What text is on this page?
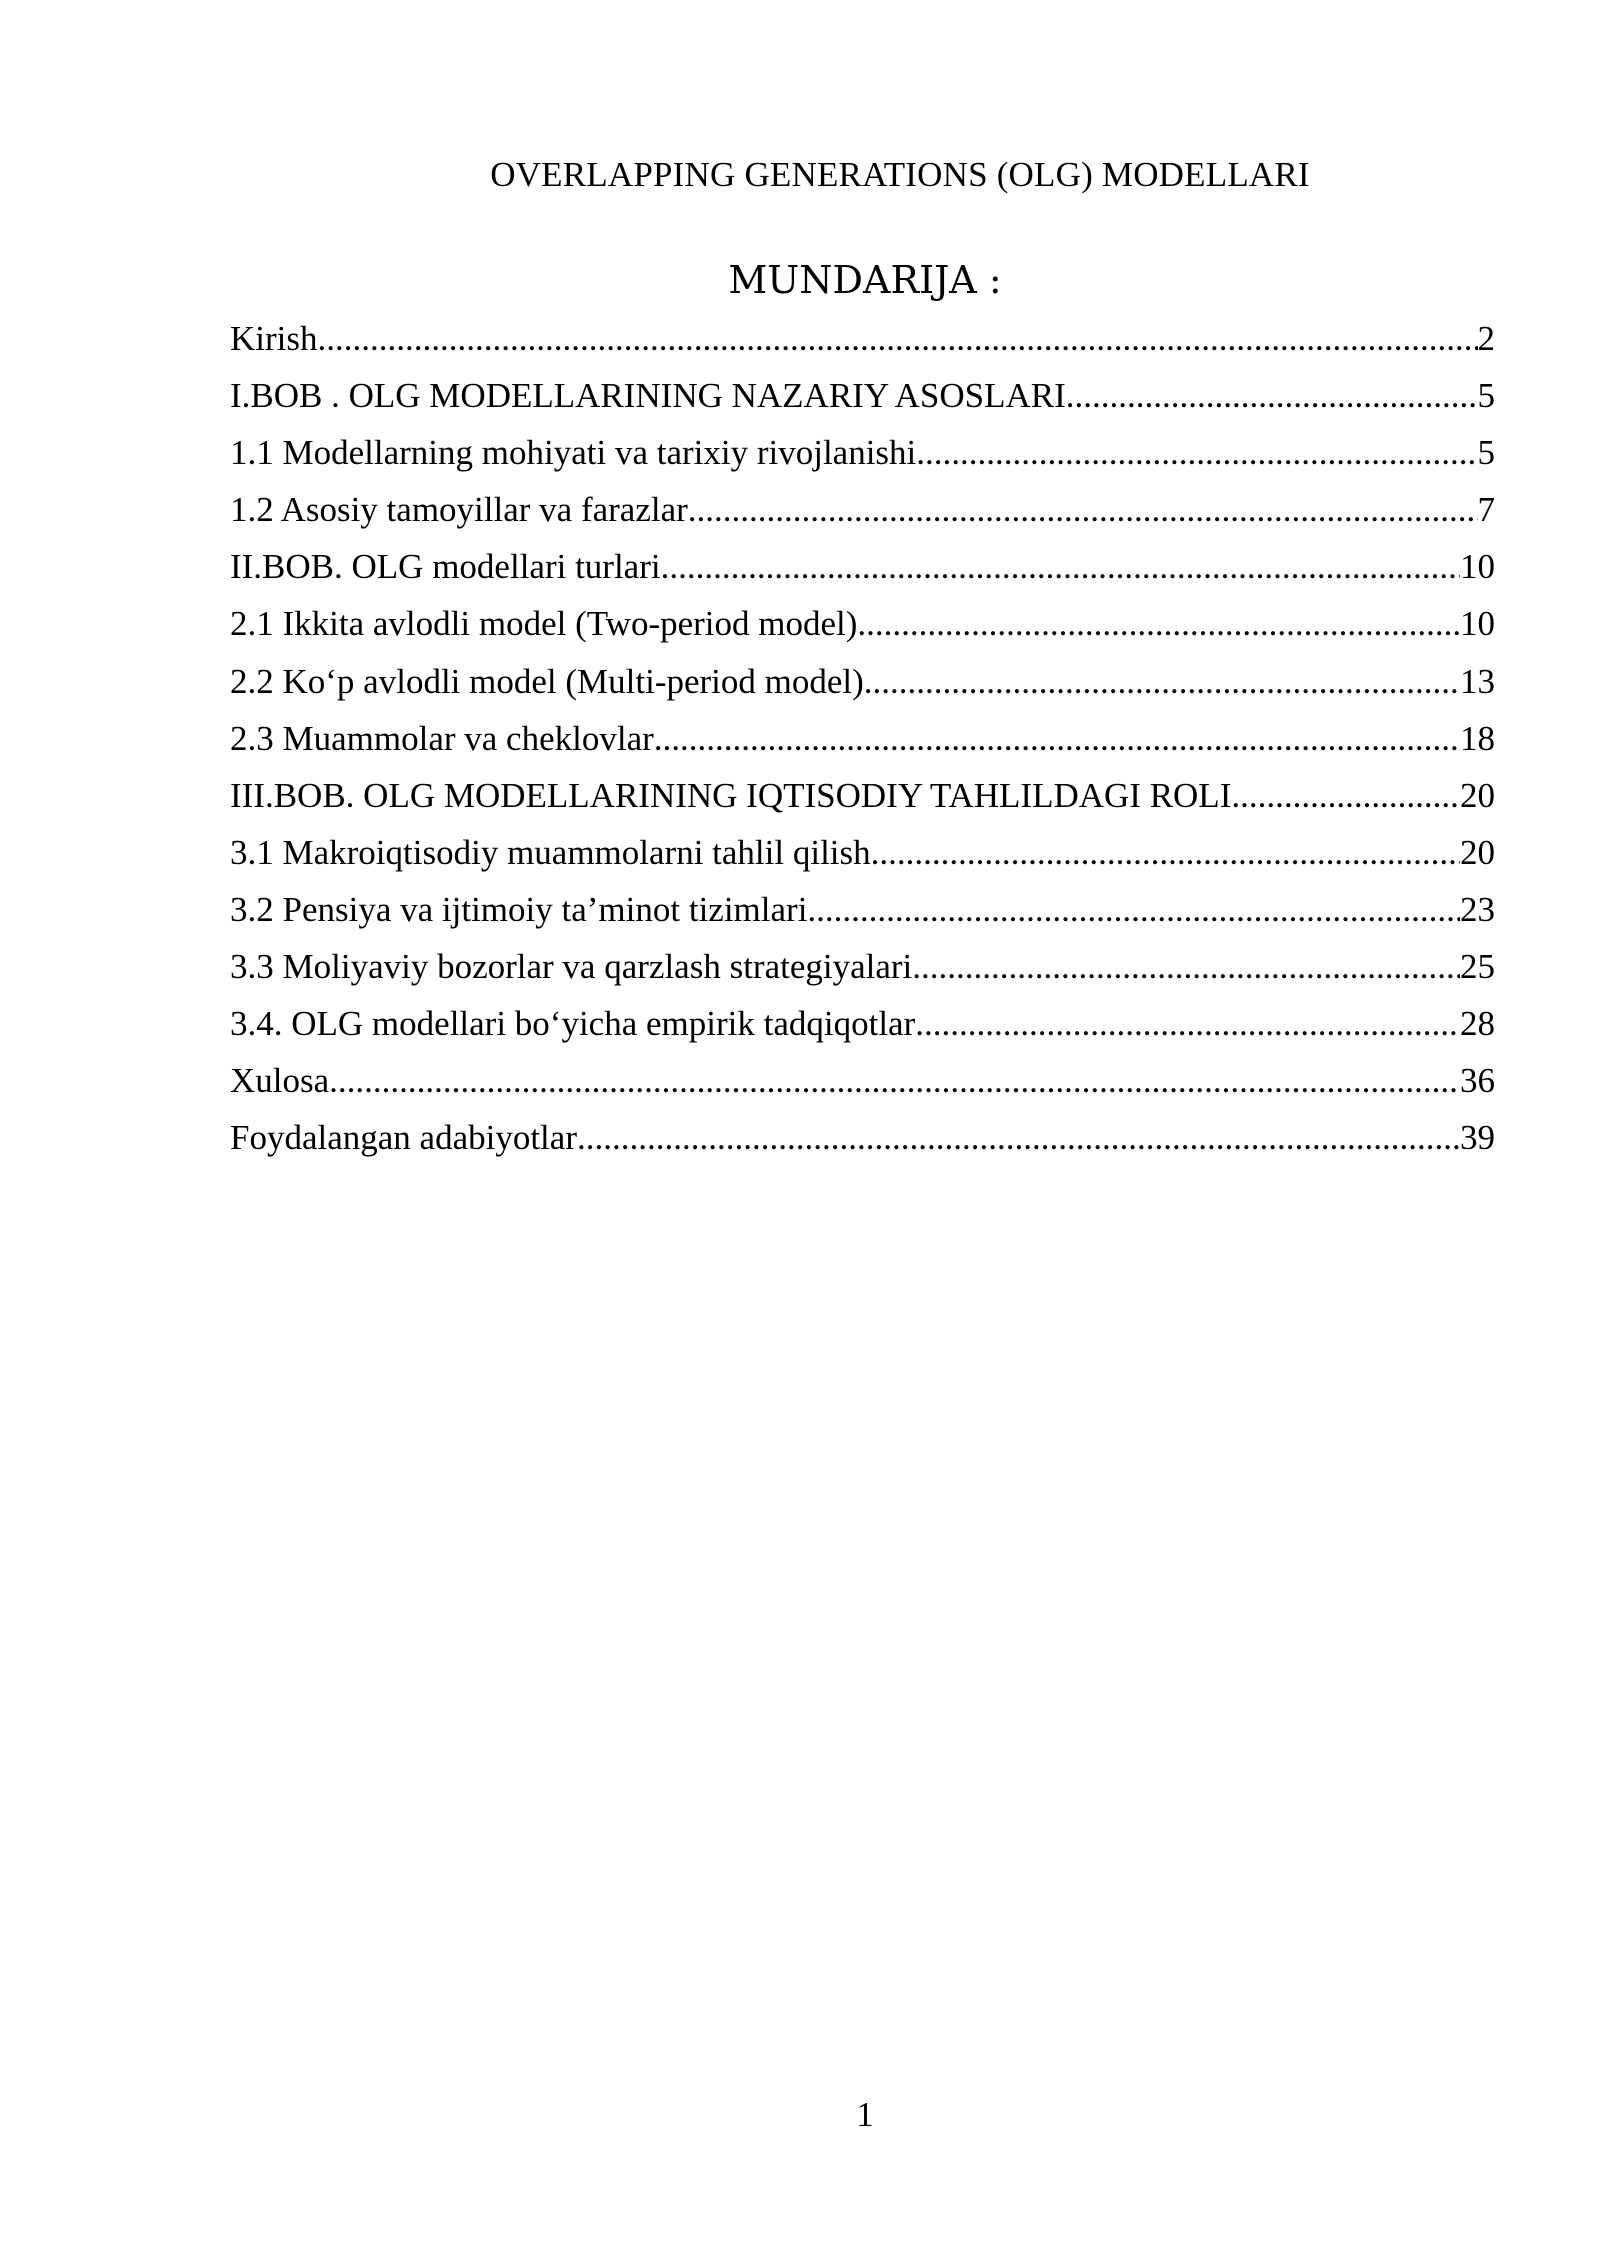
OVERLAPPING GENERATIONS (OLG) MODELLARI
MUNDARIJA :
Kirish .....	2
I.BOB . OLG MODELLARINING NAZARIY ASOSLARI .....	5
1.1 Modellarning mohiyati va tarixiy rivojlanishi .....	5
1.2 Asosiy tamoyillar va farazlar .....	7
II.BOB. OLG modellari turlari .....	10
2.1 Ikkita avlodli model (Two-period model) .....	10
2.2 Ko‘p avlodli model (Multi-period model) .....	13
2.3 Muammolar va cheklovlar .....	18
III.BOB. OLG MODELLARINING IQTISODIY TAHLILDAGI ROLI .....	20
3.1 Makroiqtisodiy muammolarni tahlil qilish .....	20
3.2 Pensiya va ijtimoiy ta’minot tizimlari .....	23
3.3 Moliyaviy bozorlar va qarzlash strategiyalari .....	25
3.4. OLG modellari bo‘yicha empirik tadqiqotlar .....	28
Xulosa .....	36
Foydalangan adabiyotlar .....	39
1
